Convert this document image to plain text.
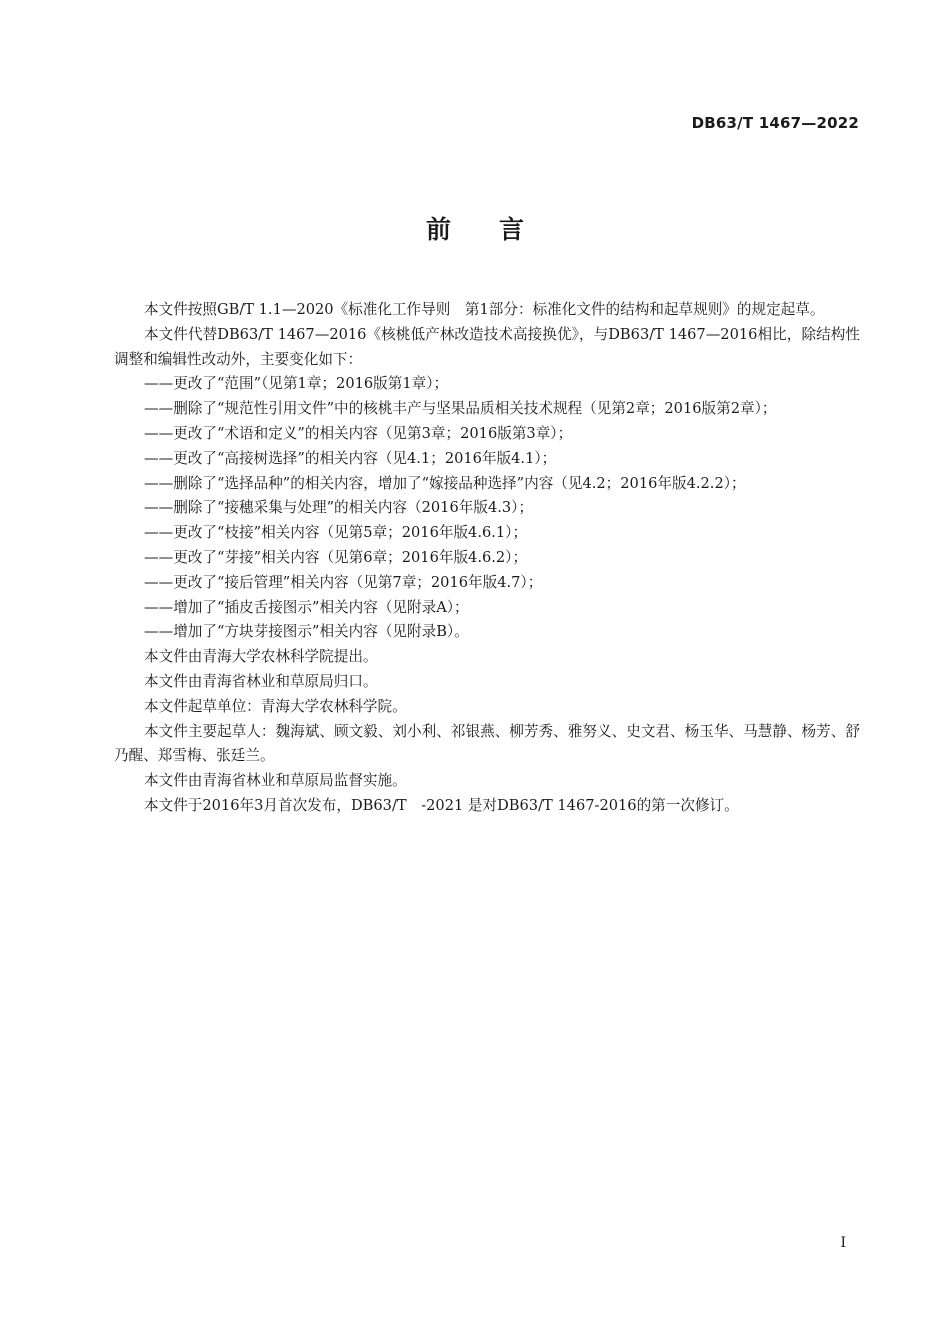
DB63/T 1467—2022
前言

本文件按照GB/T 1.1—2020《标准化工作导则　第1部分：标准化文件的结构和起草规则》的规定起草。

本文件代替DB63/T 1467—2016《核桃低产林改造技术高接换优》，与DB63/T 1467—2016相比，除结构性调整和编辑性改动外，主要变化如下：

——更改了“范围”（见第1章；2016版第1章）；

——删除了“规范性引用文件”中的核桃丰产与坚果品质相关技术规程（见第2章；2016版第2章）；

——更改了“术语和定义”的相关内容（见第3章；2016版第3章）；

——更改了“高接树选择”的相关内容（见4.1；2016年版4.1）；

——删除了“选择品种”的相关内容，增加了“嫁接品种选择”内容（见4.2；2016年版4.2.2）；

——删除了“接穗采集与处理”的相关内容（2016年版4.3）；

——更改了“枝接”相关内容（见第5章；2016年版4.6.1）；

——更改了“芽接”相关内容（见第6章；2016年版4.6.2）；

——更改了“接后管理”相关内容（见第7章；2016年版4.7）；

——增加了“插皮舌接图示”相关内容（见附录A）；

——增加了“方块芽接图示”相关内容（见附录B）。

本文件由青海大学农林科学院提出。

本文件由青海省林业和草原局归口。

本文件起草单位：青海大学农林科学院。

本文件主要起草人：魏海斌、顾文毅、刘小利、祁银燕、柳芳秀、雅努义、史文君、杨玉华、马慧静、杨芳、舒乃醒、郑雪梅、张廷兰。

本文件由青海省林业和草原局监督实施。

本文件于2016年3月首次发布，DB63/T　-2021 是对DB63/T 1467-2016的第一次修订。

I
